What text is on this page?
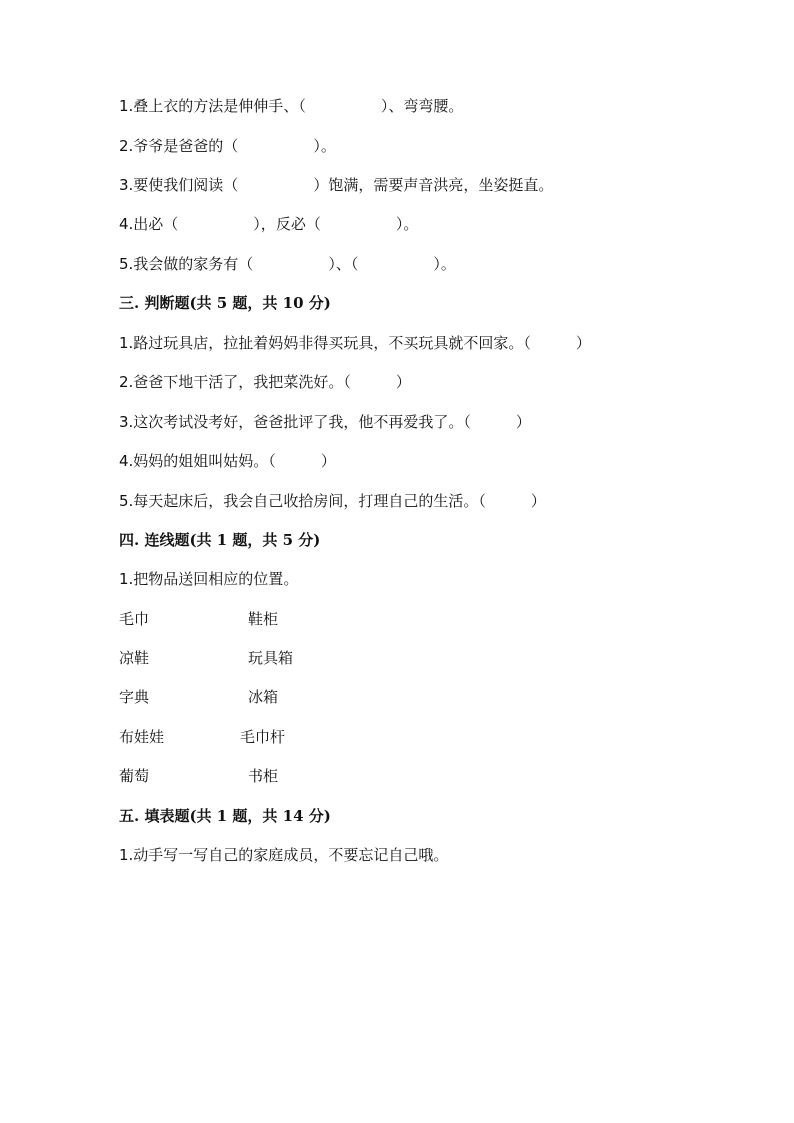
1.叠上衣的方法是伸伸手、（　　　　　）、弯弯腰。

2.爷爷是爸爸的（　　　　　）。

3.要使我们阅读（　　　　　）饱满，需要声音洪亮，坐姿挺直。

4.出必（　　　　　），反必（　　　　　）。

5.我会做的家务有（　　　　　）、（　　　　　）。

三. 判断题(共 5 题，共 10 分)

1.路过玩具店，拉扯着妈妈非得买玩具，不买玩具就不回家。（　　　）

2.爸爸下地干活了，我把菜洗好。（　　　）

3.这次考试没考好，爸爸批评了我，他不再爱我了。（　　　）

4.妈妈的姐姐叫姑妈。（　　　）

5.每天起床后，我会自己收拾房间，打理自己的生活。（　　　）

四. 连线题(共 1 题，共 5 分)

1.把物品送回相应的位置。

毛巾	鞋柜
凉鞋	玩具箱
字典	冰箱
布娃娃	毛巾杆
葡萄	书柜

五. 填表题(共 1 题，共 14 分)

1.动手写一写自己的家庭成员，不要忘记自己哦。
